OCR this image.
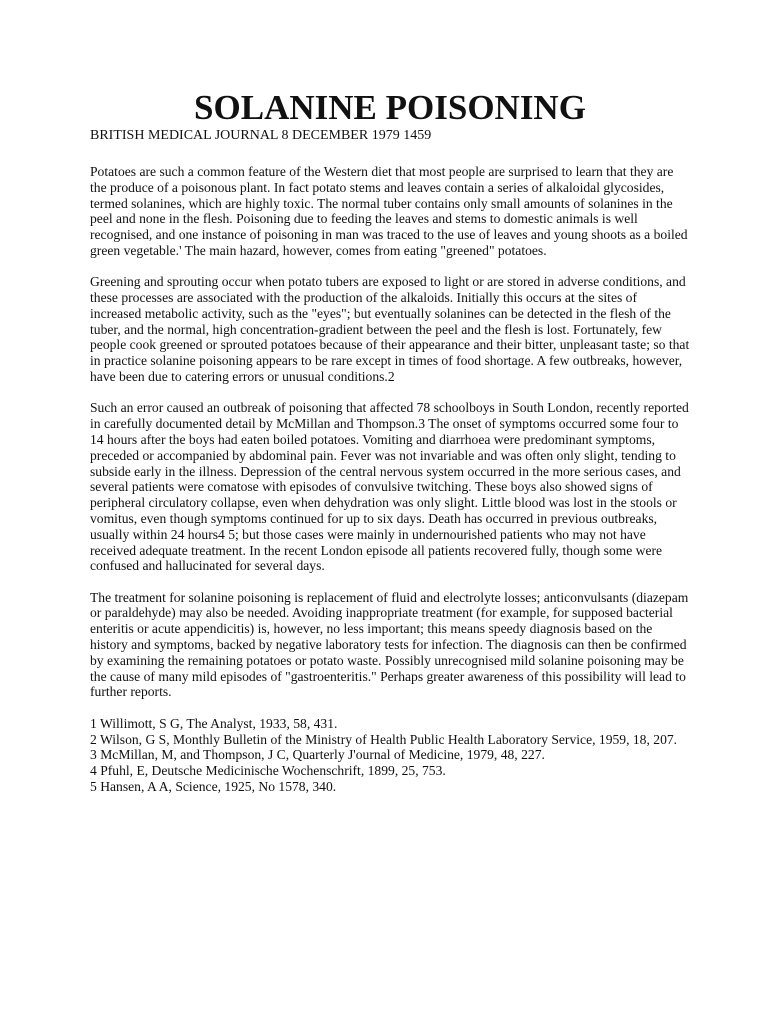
SOLANINE POISONING

BRITISH MEDICAL JOURNAL 8 DECEMBER 1979 1459

Potatoes are such a common feature of the Western diet that most people are surprised to learn that they are the produce of a poisonous plant. In fact potato stems and leaves contain a series of alkaloidal glycosides, termed solanines, which are highly toxic. The normal tuber contains only small amounts of solanines in the peel and none in the flesh. Poisoning due to feeding the leaves and stems to domestic animals is well recognised, and one instance of poisoning in man was traced to the use of leaves and young shoots as a boiled green vegetable.' The main hazard, however, comes from eating "greened" potatoes.

Greening and sprouting occur when potato tubers are exposed to light or are stored in adverse conditions, and these processes are associated with the production of the alkaloids. Initially this occurs at the sites of increased metabolic activity, such as the "eyes"; but eventually solanines can be detected in the flesh of the tuber, and the normal, high concentration-gradient between the peel and the flesh is lost. Fortunately, few people cook greened or sprouted potatoes because of their appearance and their bitter, unpleasant taste; so that in practice solanine poisoning appears to be rare except in times of food shortage. A few outbreaks, however, have been due to catering errors or unusual conditions.2

Such an error caused an outbreak of poisoning that affected 78 schoolboys in South London, recently reported in carefully documented detail by McMillan and Thompson.3 The onset of symptoms occurred some four to 14 hours after the boys had eaten boiled potatoes. Vomiting and diarrhoea were predominant symptoms, preceded or accompanied by abdominal pain. Fever was not invariable and was often only slight, tending to subside early in the illness. Depression of the central nervous system occurred in the more serious cases, and several patients were comatose with episodes of convulsive twitching. These boys also showed signs of peripheral circulatory collapse, even when dehydration was only slight. Little blood was lost in the stools or vomitus, even though symptoms continued for up to six days. Death has occurred in previous outbreaks, usually within 24 hours4 5; but those cases were mainly in undernourished patients who may not have received adequate treatment. In the recent London episode all patients recovered fully, though some were confused and hallucinated for several days.

The treatment for solanine poisoning is replacement of fluid and electrolyte losses; anticonvulsants (diazepam or paraldehyde) may also be needed. Avoiding inappropriate treatment (for example, for supposed bacterial enteritis or acute appendicitis) is, however, no less important; this means speedy diagnosis based on the history and symptoms, backed by negative laboratory tests for infection. The diagnosis can then be confirmed by examining the remaining potatoes or potato waste. Possibly unrecognised mild solanine poisoning may be the cause of many mild episodes of "gastroenteritis." Perhaps greater awareness of this possibility will lead to further reports.

1 Willimott, S G, The Analyst, 1933, 58, 431.

2 Wilson, G S, Monthly Bulletin of the Ministry of Health Public Health Laboratory Service, 1959, 18, 207.

3 McMillan, M, and Thompson, J C, Quarterly J'ournal of Medicine, 1979, 48, 227.

4 Pfuhl, E, Deutsche Medicinische Wochenschrift, 1899, 25, 753.

5 Hansen, A A, Science, 1925, No 1578, 340.
